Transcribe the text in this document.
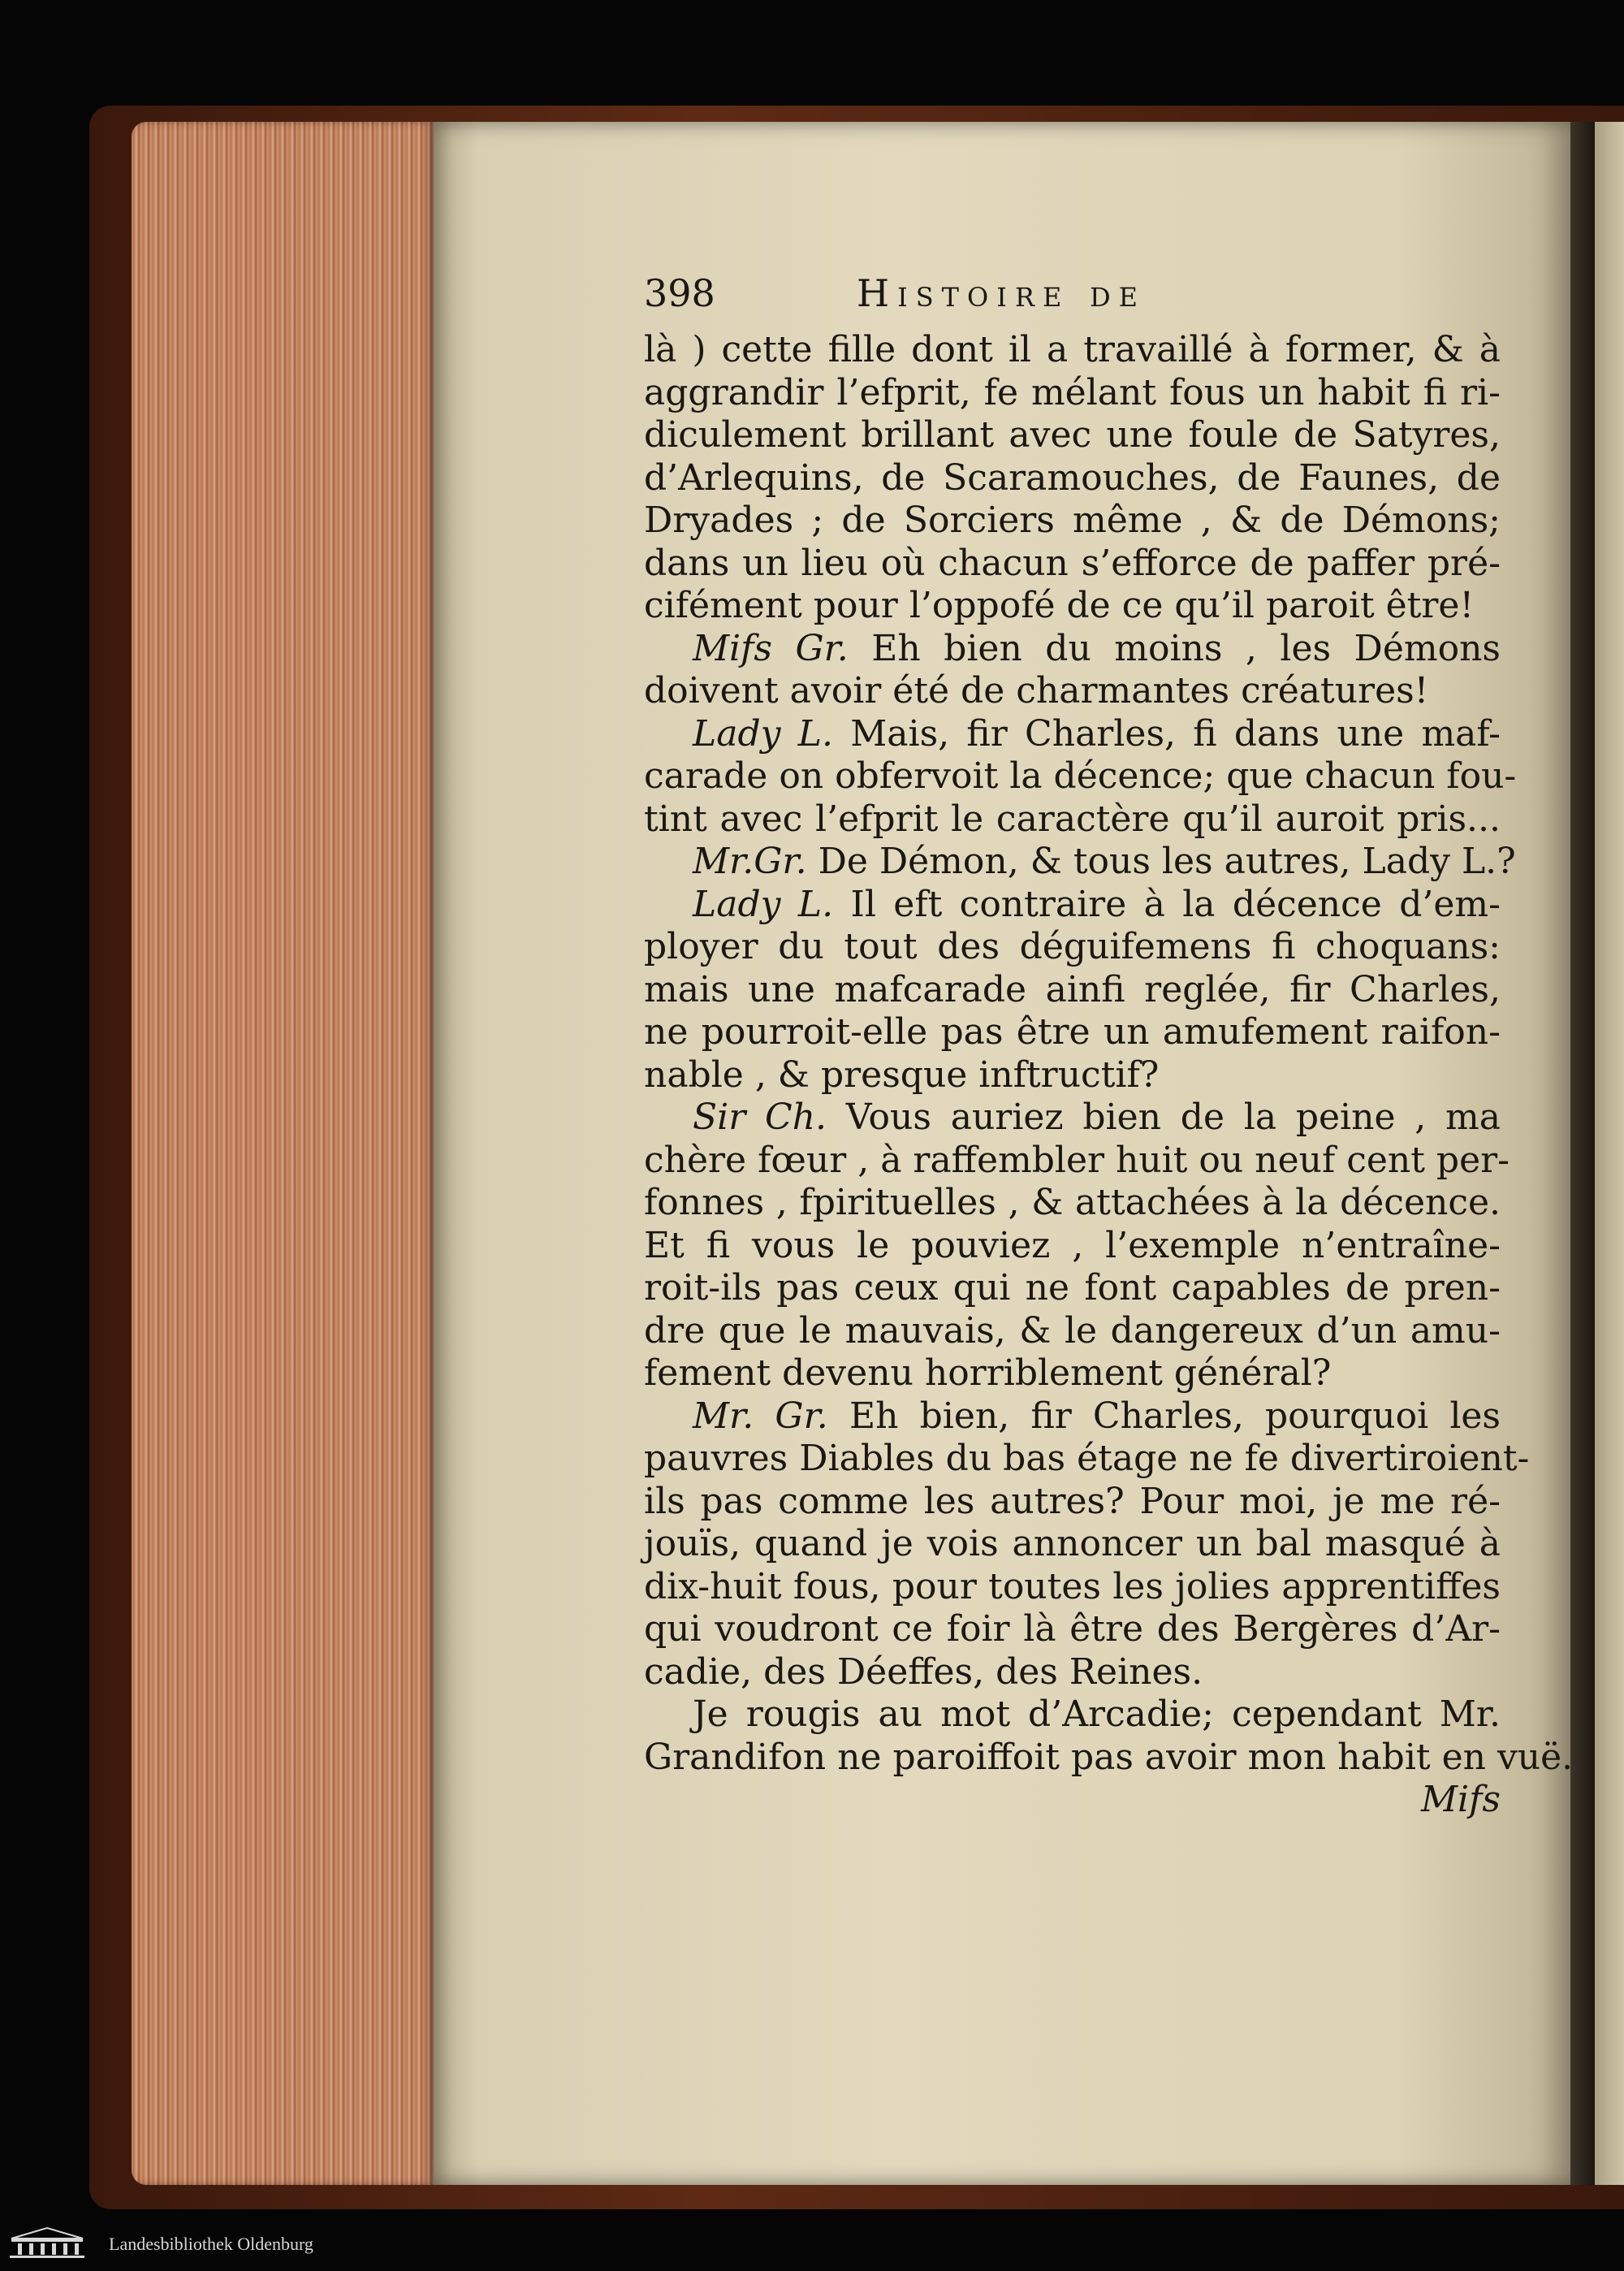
398	Histoire de
là ) cette fille dont il a travaillé à former, & à
aggrandir l’efprit, fe mélant fous un habit fi ri-
diculement brillant avec une foule de Satyres,
d’Arlequins, de Scaramouches, de Faunes, de
Dryades ; de Sorciers même , & de Démons;
dans un lieu où chacun s’efforce de paffer pré-
cifément pour l’oppofé de ce qu’il paroit être!
Mifs Gr. Eh bien du moins , les Démons
doivent avoir été de charmantes créatures!
Lady L. Mais, fir Charles, fi dans une maf-
carade on obfervoit la décence; que chacun fou-
tint avec l’efprit le caractère qu’il auroit pris...
Mr.Gr. De Démon, & tous les autres, Lady L.?
Lady L. Il eft contraire à la décence d’em-
ployer du tout des déguifemens fi choquans:
mais une mafcarade ainfi reglée, fir Charles,
ne pourroit-elle pas être un amufement raifon-
nable , & presque inftructif?
Sir Ch. Vous auriez bien de la peine , ma
chère fœur , à raffembler huit ou neuf cent per-
fonnes , fpirituelles , & attachées à la décence.
Et fi vous le pouviez , l’exemple n’entraîne-
roit-ils pas ceux qui ne font capables de pren-
dre que le mauvais, & le dangereux d’un amu-
fement devenu horriblement général?
Mr. Gr. Eh bien, fir Charles, pourquoi les
pauvres Diables du bas étage ne fe divertiroient-
ils pas comme les autres? Pour moi, je me ré-
jouïs, quand je vois annoncer un bal masqué à
dix-huit fous, pour toutes les jolies apprentiffes
qui voudront ce foir là être des Bergères d’Ar-
cadie, des Déeffes, des Reines.
Je rougis au mot d’Arcadie; cependant Mr.
Grandifon ne paroiffoit pas avoir mon habit en vuë.
Mifs
Landesbibliothek Oldenburg
